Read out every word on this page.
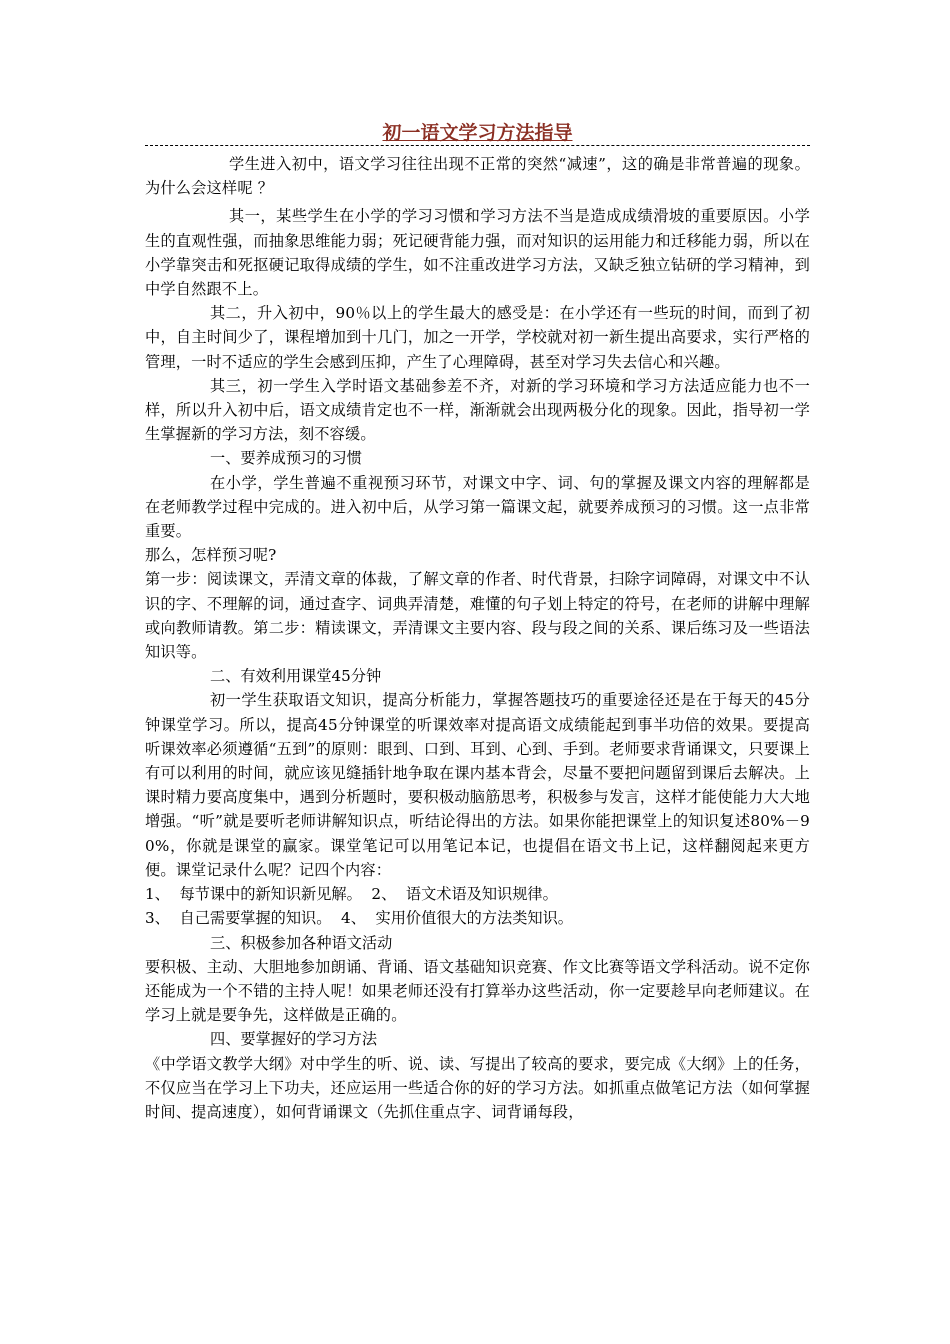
初一语文学习方法指导

学生进入初中，语文学习往往出现不正常的突然“减速”，这的确是非常普遍的现象。为什么会这样呢 ？

其一，某些学生在小学的学习习惯和学习方法不当是造成成绩滑坡的重要原因。小学生的直观性强，而抽象思维能力弱；死记硬背能力强，而对知识的运用能力和迁移能力弱，所以在小学靠突击和死抠硬记取得成绩的学生，如不注重改进学习方法，又缺乏独立钻研的学习精神，到中学自然跟不上。

其二，升入初中，90％以上的学生最大的感受是：在小学还有一些玩的时间，而到了初中，自主时间少了，课程增加到十几门，加之一开学，学校就对初一新生提出高要求，实行严格的管理，一时不适应的学生会感到压抑，产生了心理障碍，甚至对学习失去信心和兴趣。

其三，初一学生入学时语文基础参差不齐，对新的学习环境和学习方法适应能力也不一样，所以升入初中后，语文成绩肯定也不一样，渐渐就会出现两极分化的现象。因此，指导初一学生掌握新的学习方法，刻不容缓。

一、要养成预习的习惯

在小学，学生普遍不重视预习环节，对课文中字、词、句的掌握及课文内容的理解都是在老师教学过程中完成的。进入初中后，从学习第一篇课文起，就要养成预习的习惯。这一点非常重要。

那么，怎样预习呢?

第一步：阅读课文，弄清文章的体裁，了解文章的作者、时代背景，扫除字词障碍，对课文中不认识的字、不理解的词，通过查字、词典弄清楚，难懂的句子划上特定的符号，在老师的讲解中理解或向教师请教。第二步：精读课文，弄清课文主要内容、段与段之间的关系、课后练习及一些语法知识等。

二、有效利用课堂45分钟

初一学生获取语文知识，提高分析能力，掌握答题技巧的重要途径还是在于每天的45分钟课堂学习。所以，提高45分钟课堂的听课效率对提高语文成绩能起到事半功倍的效果。要提高听课效率必须遵循“五到”的原则：眼到、口到、耳到、心到、手到。老师要求背诵课文，只要课上有可以利用的时间，就应该见缝插针地争取在课内基本背会，尽量不要把问题留到课后去解决。上课时精力要高度集中，遇到分析题时，要积极动脑筋思考，积极参与发言，这样才能使能力大大地增强。“听”就是要听老师讲解知识点，听结论得出的方法。如果你能把课堂上的知识复述80%－90%，你就是课堂的赢家。课堂笔记可以用笔记本记，也提倡在语文书上记，这样翻阅起来更方便。课堂记录什么呢？记四个内容：

1、  每节课中的新知识新见解。  2、  语文术语及知识规律。

3、  自己需要掌握的知识。  4、  实用价值很大的方法类知识。

三、积极参加各种语文活动

要积极、主动、大胆地参加朗诵、背诵、语文基础知识竞赛、作文比赛等语文学科活动。说不定你还能成为一个不错的主持人呢！如果老师还没有打算举办这些活动，你一定要趁早向老师建议。在学习上就是要争先，这样做是正确的。

四、要掌握好的学习方法

《中学语文教学大纲》对中学生的听、说、读、写提出了较高的要求，要完成《大纲》上的任务，不仅应当在学习上下功夫，还应运用一些适合你的好的学习方法。如抓重点做笔记方法（如何掌握时间、提高速度），如何背诵课文（先抓住重点字、词背诵每段，
